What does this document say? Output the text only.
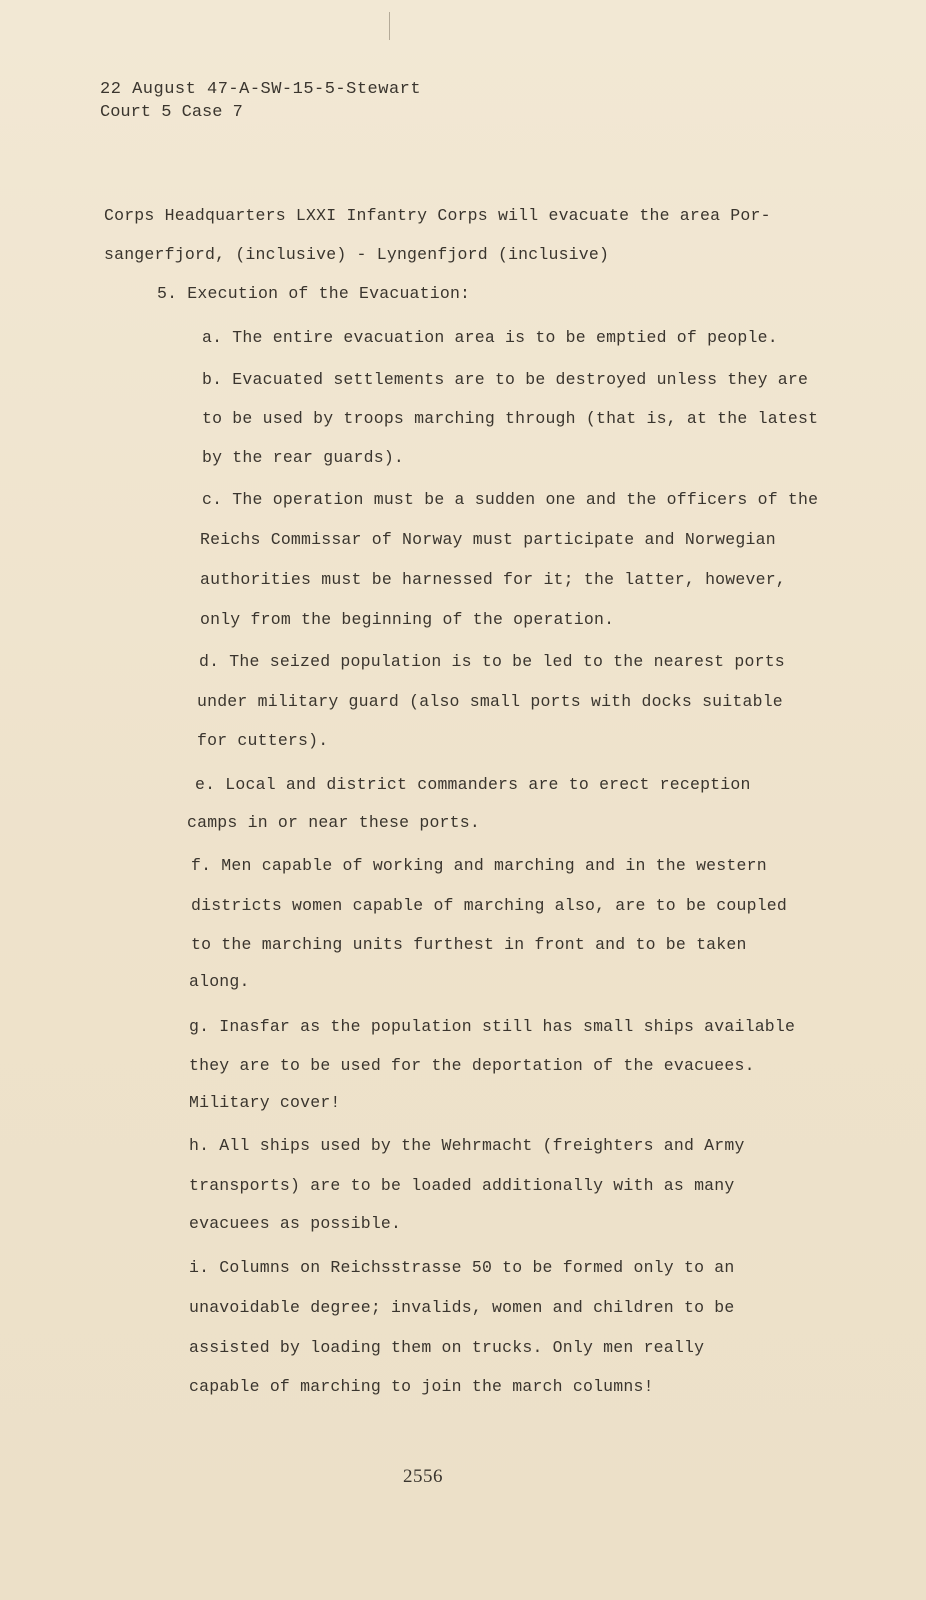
22 August 47-A-SW-15-5-Stewart
Court 5 Case 7
Corps Headquarters LXXI Infantry Corps will evacuate the area Por-
sangerfjord, (inclusive) - Lyngenfjord (inclusive)
5. Execution of the Evacuation:
a. The entire evacuation area is to be emptied of people.
b. Evacuated settlements are to be destroyed unless they are
to be used by troops marching through (that is, at the latest
by the rear guards).
c. The operation must be a sudden one and the officers of the
Reichs Commissar of Norway must participate and Norwegian
authorities must be harnessed for it; the latter, however,
only from the beginning of the operation.
d. The seized population is to be led to the nearest ports
under military guard (also small ports with docks suitable
for cutters).
e. Local and district commanders are to erect reception
camps in or near these ports.
f. Men capable of working and marching and in the western
districts women capable of marching also, are to be coupled
to the marching units furthest in front and to be taken
along.
g. Inasfar as the population still has small ships available
they are to be used for the deportation of the evacuees.
Military cover!
h. All ships used by the Wehrmacht (freighters and Army
transports) are to be loaded additionally with as many
evacuees as possible.
i. Columns on Reichsstrasse 50 to be formed only to an
unavoidable degree; invalids, women and children to be
assisted by loading them on trucks. Only men really
capable of marching to join the march columns!
2556
